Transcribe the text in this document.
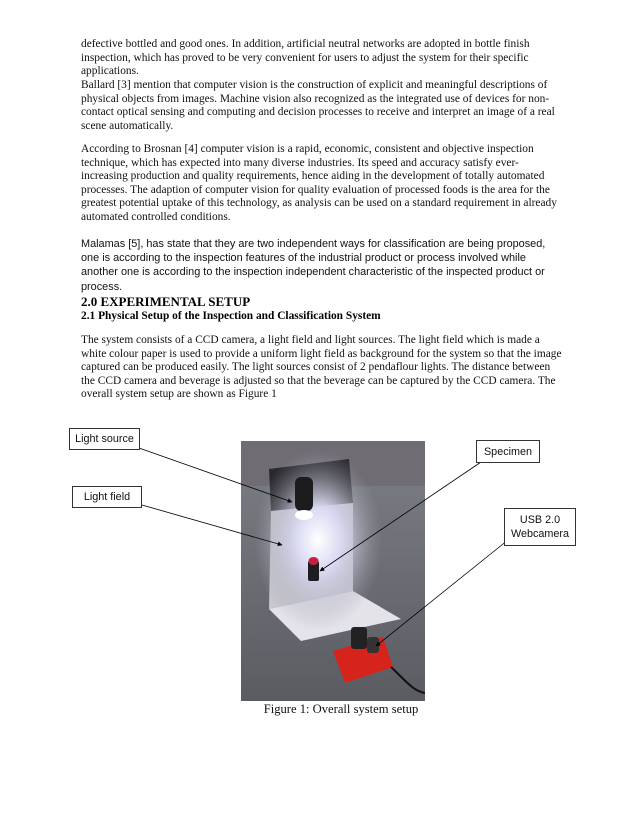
defective bottled and good ones. In addition, artificial neutral networks are adopted in bottle finish inspection, which has proved to be very convenient for users to adjust the system for their specific applications.

Ballard [3] mention that computer vision is the construction of explicit and meaningful descriptions of physical objects from images. Machine vision also recognized as the integrated use of devices for non-contact optical sensing and computing and decision processes to receive and interpret an image of a real scene automatically.

According to Brosnan [4] computer vision is a rapid, economic, consistent and objective inspection technique, which has expected into many diverse industries. Its speed and accuracy satisfy ever-increasing production and quality requirements, hence aiding in the development of totally automated processes. The adaption of computer vision for quality evaluation of processed foods is the area for the greatest potential uptake of this technology, as analysis can be used on a standard requirement in already automated controlled conditions.

Malamas [5], has state that they are two independent ways for classification are being proposed, one is according to the inspection features of the industrial product or process involved while another one is according to the inspection independent characteristic of the inspected product or process.

2.0 EXPERIMENTAL SETUP
2.1 Physical Setup of the Inspection and Classification System

The system consists of a CCD camera, a light field and light sources. The light field which is made a white colour paper is used to provide a uniform light field as background for the system so that the image captured can be produced easily. The light sources consist of 2 pendaflour lights. The distance between the CCD camera and beverage is adjusted so that the beverage can be captured by the CCD camera. The overall system setup are shown as Figure 1

Light source
Light field
Specimen
USB 2.0
Webcamera

Figure 1: Overall system setup
